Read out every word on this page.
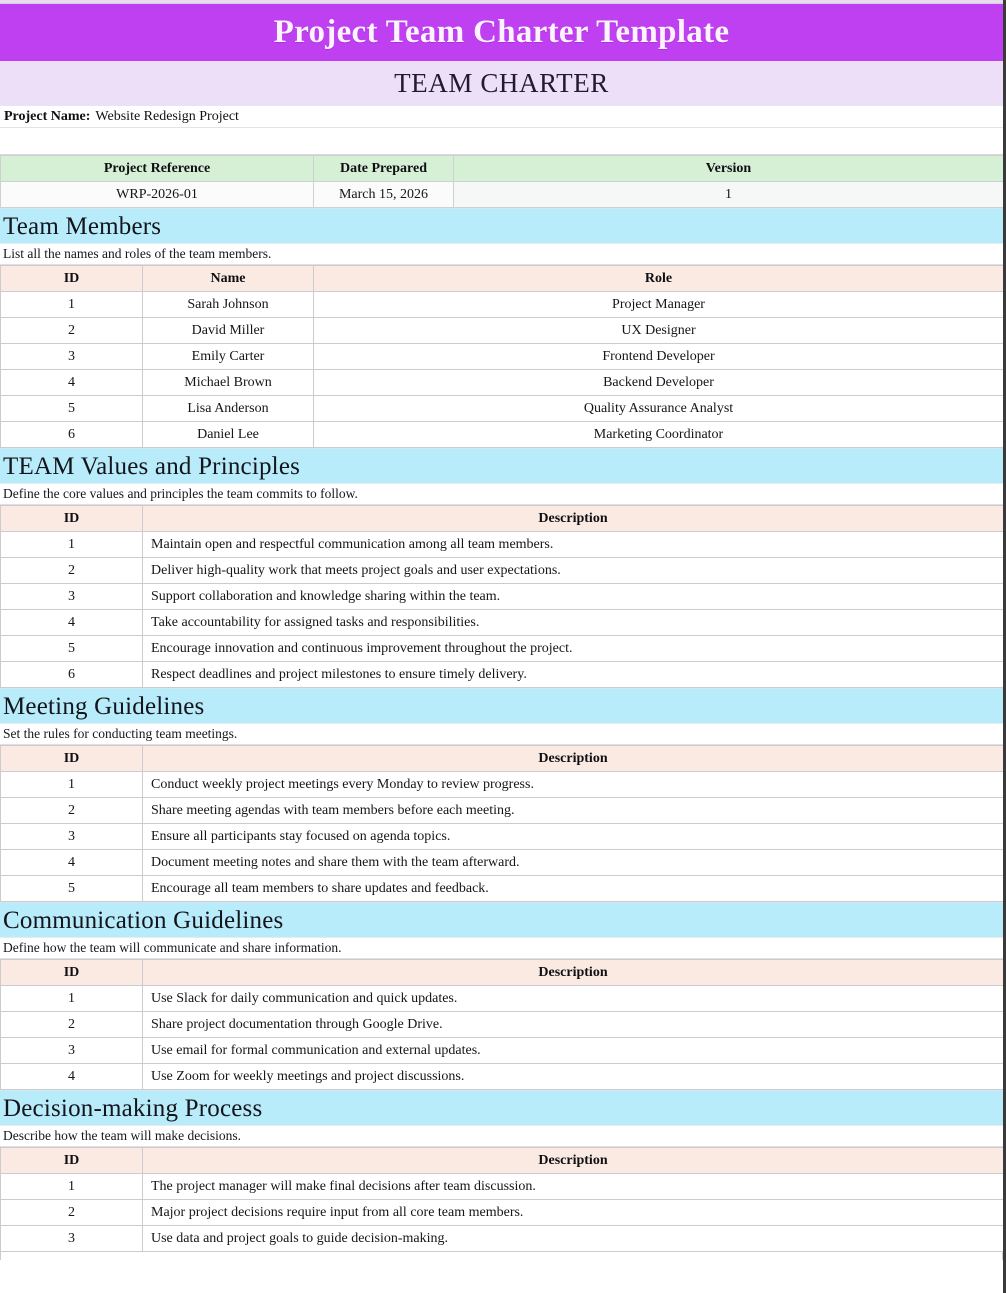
Project Team Charter Template
TEAM CHARTER
Project Name: Website Redesign Project
Project Reference	Date Prepared	Version
WRP-2026-01	March 15, 2026	1
Team Members
List all the names and roles of the team members.
ID	Name	Role
1	Sarah Johnson	Project Manager
2	David Miller	UX Designer
3	Emily Carter	Frontend Developer
4	Michael Brown	Backend Developer
5	Lisa Anderson	Quality Assurance Analyst
6	Daniel Lee	Marketing Coordinator
TEAM Values and Principles
Define the core values and principles the team commits to follow.
ID	Description
1	Maintain open and respectful communication among all team members.
2	Deliver high-quality work that meets project goals and user expectations.
3	Support collaboration and knowledge sharing within the team.
4	Take accountability for assigned tasks and responsibilities.
5	Encourage innovation and continuous improvement throughout the project.
6	Respect deadlines and project milestones to ensure timely delivery.
Meeting Guidelines
Set the rules for conducting team meetings.
ID	Description
1	Conduct weekly project meetings every Monday to review progress.
2	Share meeting agendas with team members before each meeting.
3	Ensure all participants stay focused on agenda topics.
4	Document meeting notes and share them with the team afterward.
5	Encourage all team members to share updates and feedback.
Communication Guidelines
Define how the team will communicate and share information.
ID	Description
1	Use Slack for daily communication and quick updates.
2	Share project documentation through Google Drive.
3	Use email for formal communication and external updates.
4	Use Zoom for weekly meetings and project discussions.
Decision-making Process
Describe how the team will make decisions.
ID	Description
1	The project manager will make final decisions after team discussion.
2	Major project decisions require input from all core team members.
3	Use data and project goals to guide decision-making.
